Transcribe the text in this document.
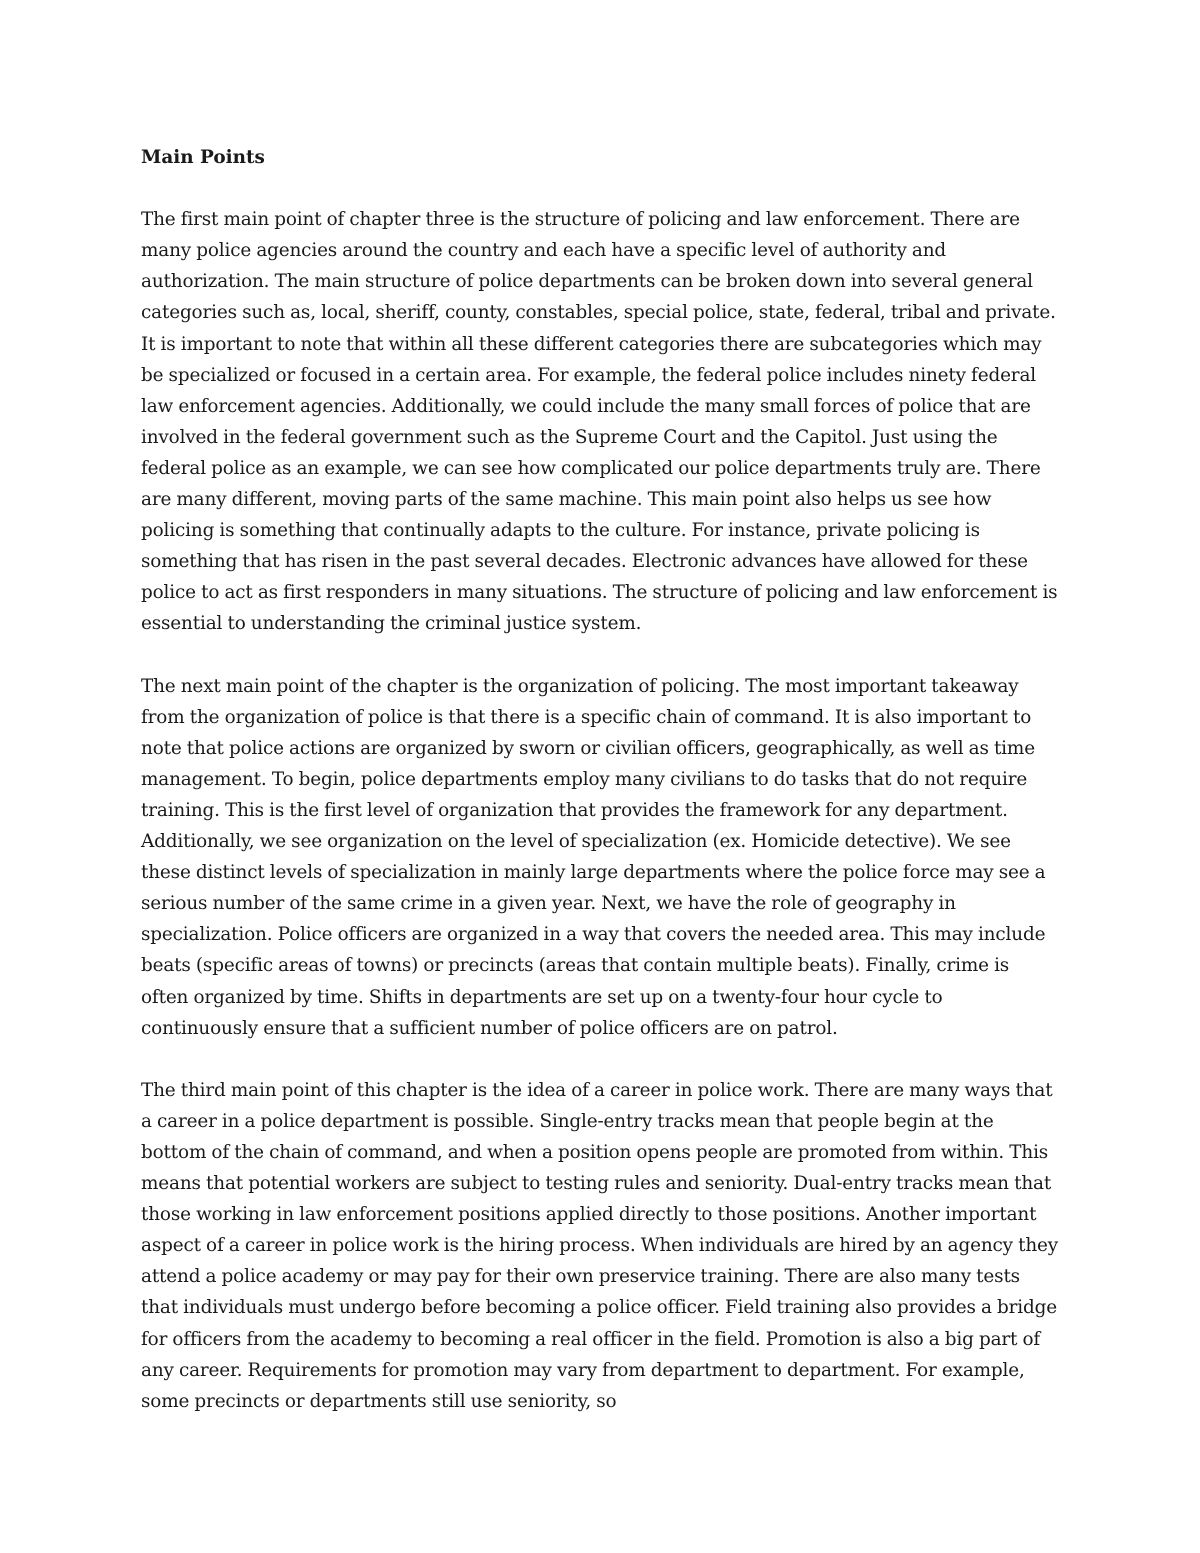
Main Points

The first main point of chapter three is the structure of policing and law enforcement. There are many police agencies around the country and each have a specific level of authority and authorization. The main structure of police departments can be broken down into several general categories such as, local, sheriff, county, constables, special police, state, federal, tribal and private. It is important to note that within all these different categories there are subcategories which may be specialized or focused in a certain area. For example, the federal police includes ninety federal law enforcement agencies. Additionally, we could include the many small forces of police that are involved in the federal government such as the Supreme Court and the Capitol. Just using the federal police as an example, we can see how complicated our police departments truly are. There are many different, moving parts of the same machine. This main point also helps us see how policing is something that continually adapts to the culture. For instance, private policing is something that has risen in the past several decades. Electronic advances have allowed for these police to act as first responders in many situations. The structure of policing and law enforcement is essential to understanding the criminal justice system.

The next main point of the chapter is the organization of policing. The most important takeaway from the organization of police is that there is a specific chain of command. It is also important to note that police actions are organized by sworn or civilian officers, geographically, as well as time management. To begin, police departments employ many civilians to do tasks that do not require training. This is the first level of organization that provides the framework for any department. Additionally, we see organization on the level of specialization (ex. Homicide detective). We see these distinct levels of specialization in mainly large departments where the police force may see a serious number of the same crime in a given year. Next, we have the role of geography in specialization. Police officers are organized in a way that covers the needed area. This may include beats (specific areas of towns) or precincts (areas that contain multiple beats). Finally, crime is often organized by time. Shifts in departments are set up on a twenty-four hour cycle to continuously ensure that a sufficient number of police officers are on patrol.

The third main point of this chapter is the idea of a career in police work. There are many ways that a career in a police department is possible. Single-entry tracks mean that people begin at the bottom of the chain of command, and when a position opens people are promoted from within. This means that potential workers are subject to testing rules and seniority. Dual-entry tracks mean that those working in law enforcement positions applied directly to those positions. Another important aspect of a career in police work is the hiring process. When individuals are hired by an agency they attend a police academy or may pay for their own preservice training. There are also many tests that individuals must undergo before becoming a police officer. Field training also provides a bridge for officers from the academy to becoming a real officer in the field. Promotion is also a big part of any career. Requirements for promotion may vary from department to department. For example, some precincts or departments still use seniority, so
